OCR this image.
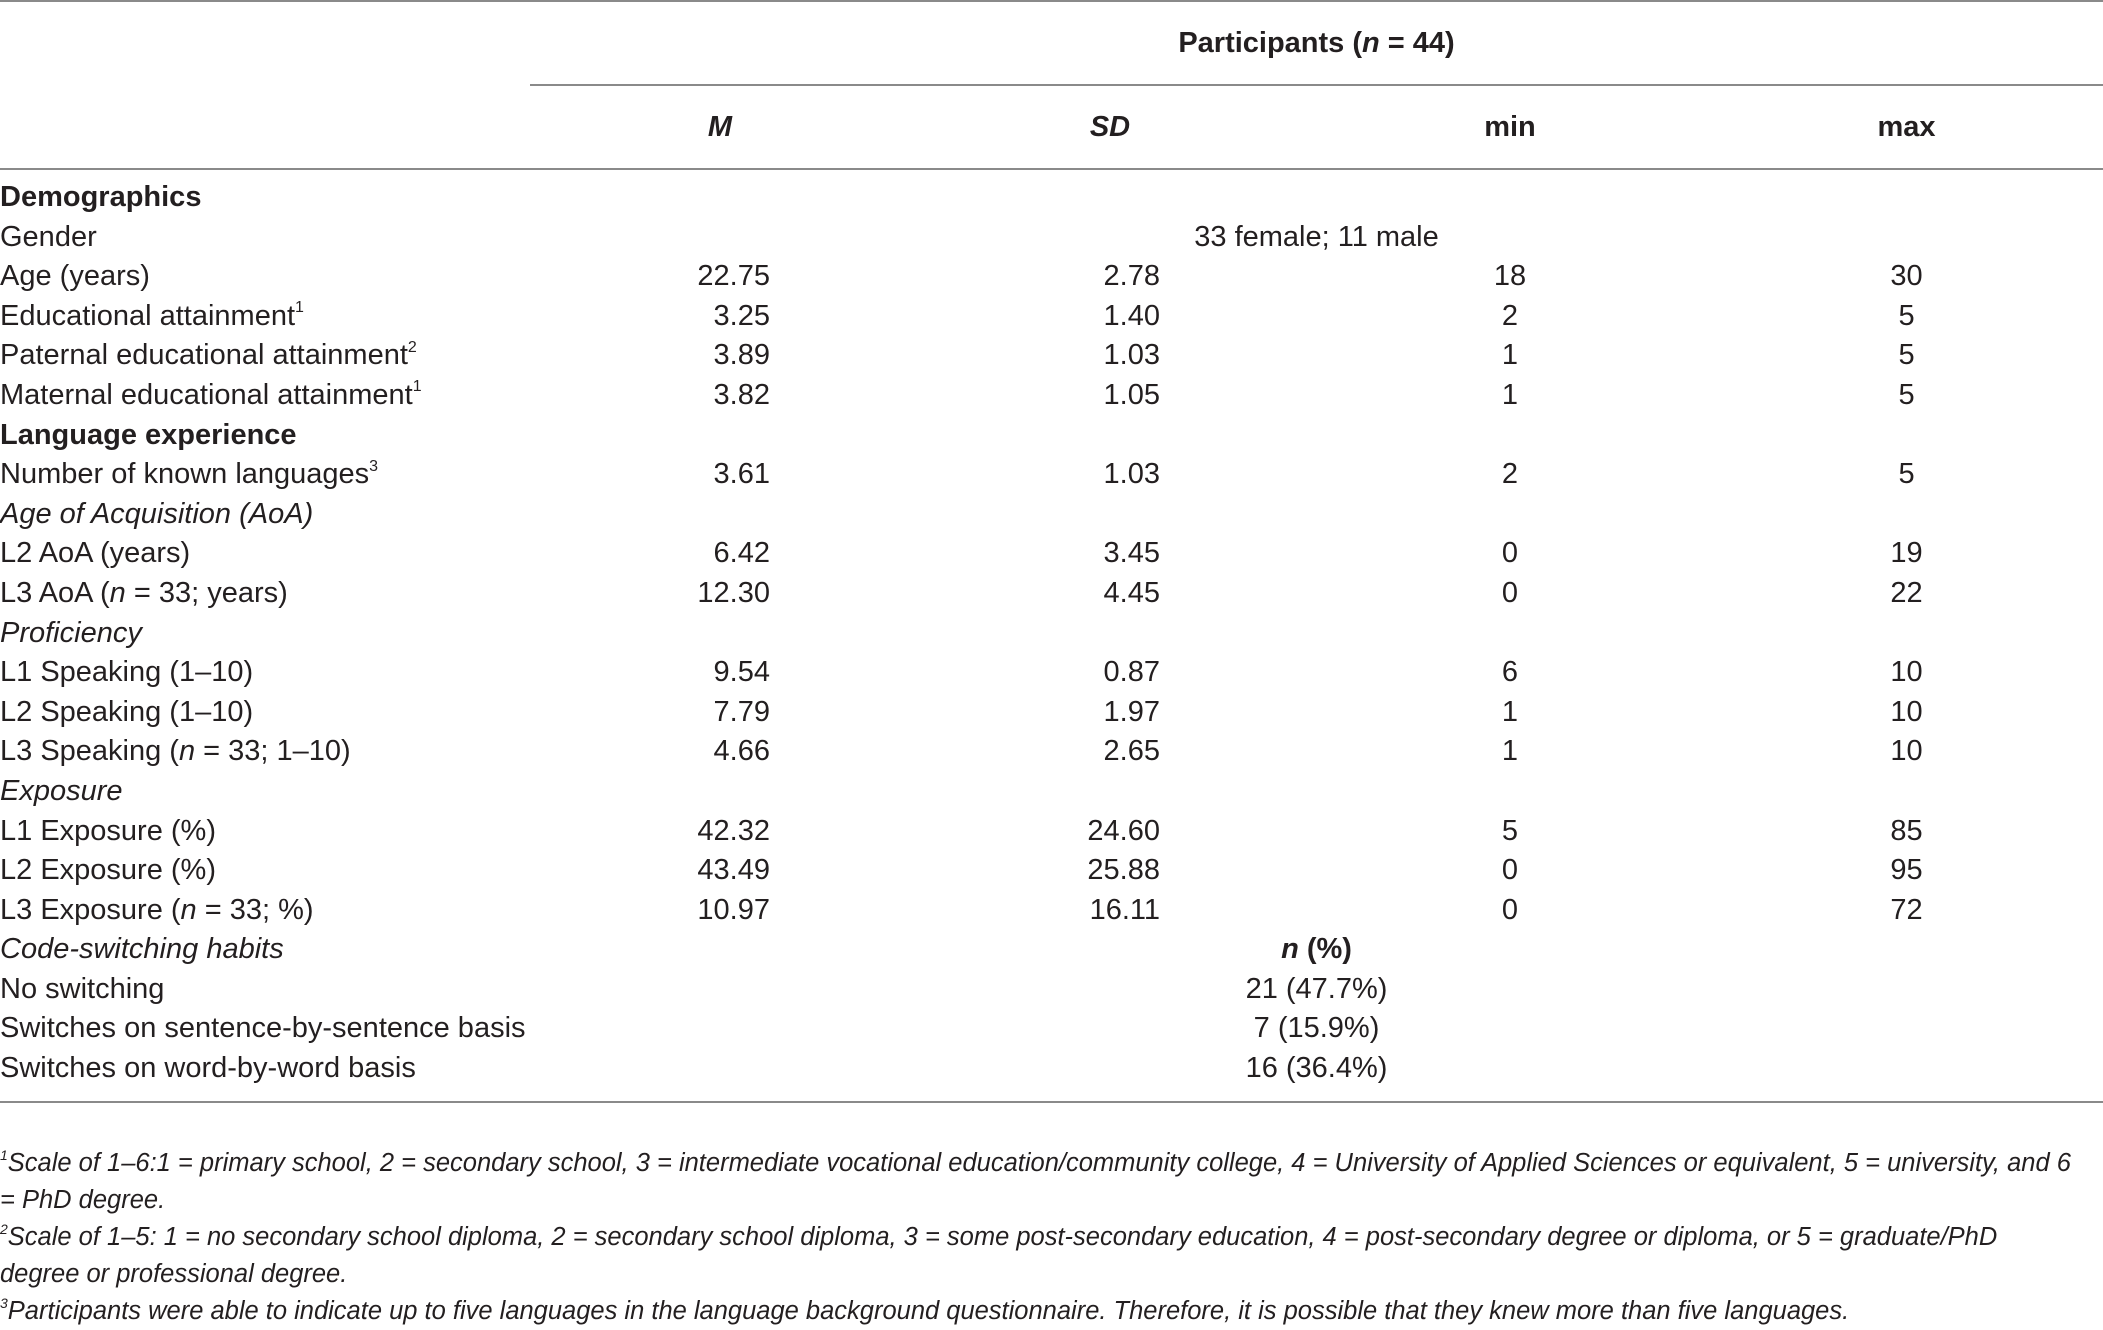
	Participants (n = 44)			
	M	SD	min	max
Demographics				
Gender	33 female; 11 male			
Age (years)	22.75	2.78	18	30
Educational attainment$^1$	3.25	1.40	2	5
Paternal educational attainment$^2$	3.89	1.03	1	5
Maternal educational attainment$^1$	3.82	1.05	1	5
Language experience				
Number of known languages$^3$	3.61	1.03	2	5
Age of Acquisition (AoA)				
L2 AoA (years)	6.42	3.45	0	19
L3 AoA (n = 33; years)	12.30	4.45	0	22
Proficiency				
L1 Speaking (1–10)	9.54	0.87	6	10
L2 Speaking (1–10)	7.79	1.97	1	10
L3 Speaking (n = 33; 1–10)	4.66	2.65	1	10
Exposure				
L1 Exposure (%)	42.32	24.60	5	85
L2 Exposure (%)	43.49	25.88	0	95
L3 Exposure (n = 33; %)	10.97	16.11	0	72
Code-switching habits	n (%)			
No switching	21 (47.7%)			
Switches on sentence-by-sentence basis	7 (15.9%)			
Switches on word-by-word basis	16 (36.4%)			

$^1$Scale of 1–6:1 = primary school, 2 = secondary school, 3 = intermediate vocational education/community college, 4 = University of Applied Sciences or equivalent, 5 = university, and 6 = PhD degree.

$^2$Scale of 1–5: 1 = no secondary school diploma, 2 = secondary school diploma, 3 = some post-secondary education, 4 = post-secondary degree or diploma, or 5 = graduate/PhD degree or professional degree.

$^3$Participants were able to indicate up to five languages in the language background questionnaire. Therefore, it is possible that they knew more than five languages.
